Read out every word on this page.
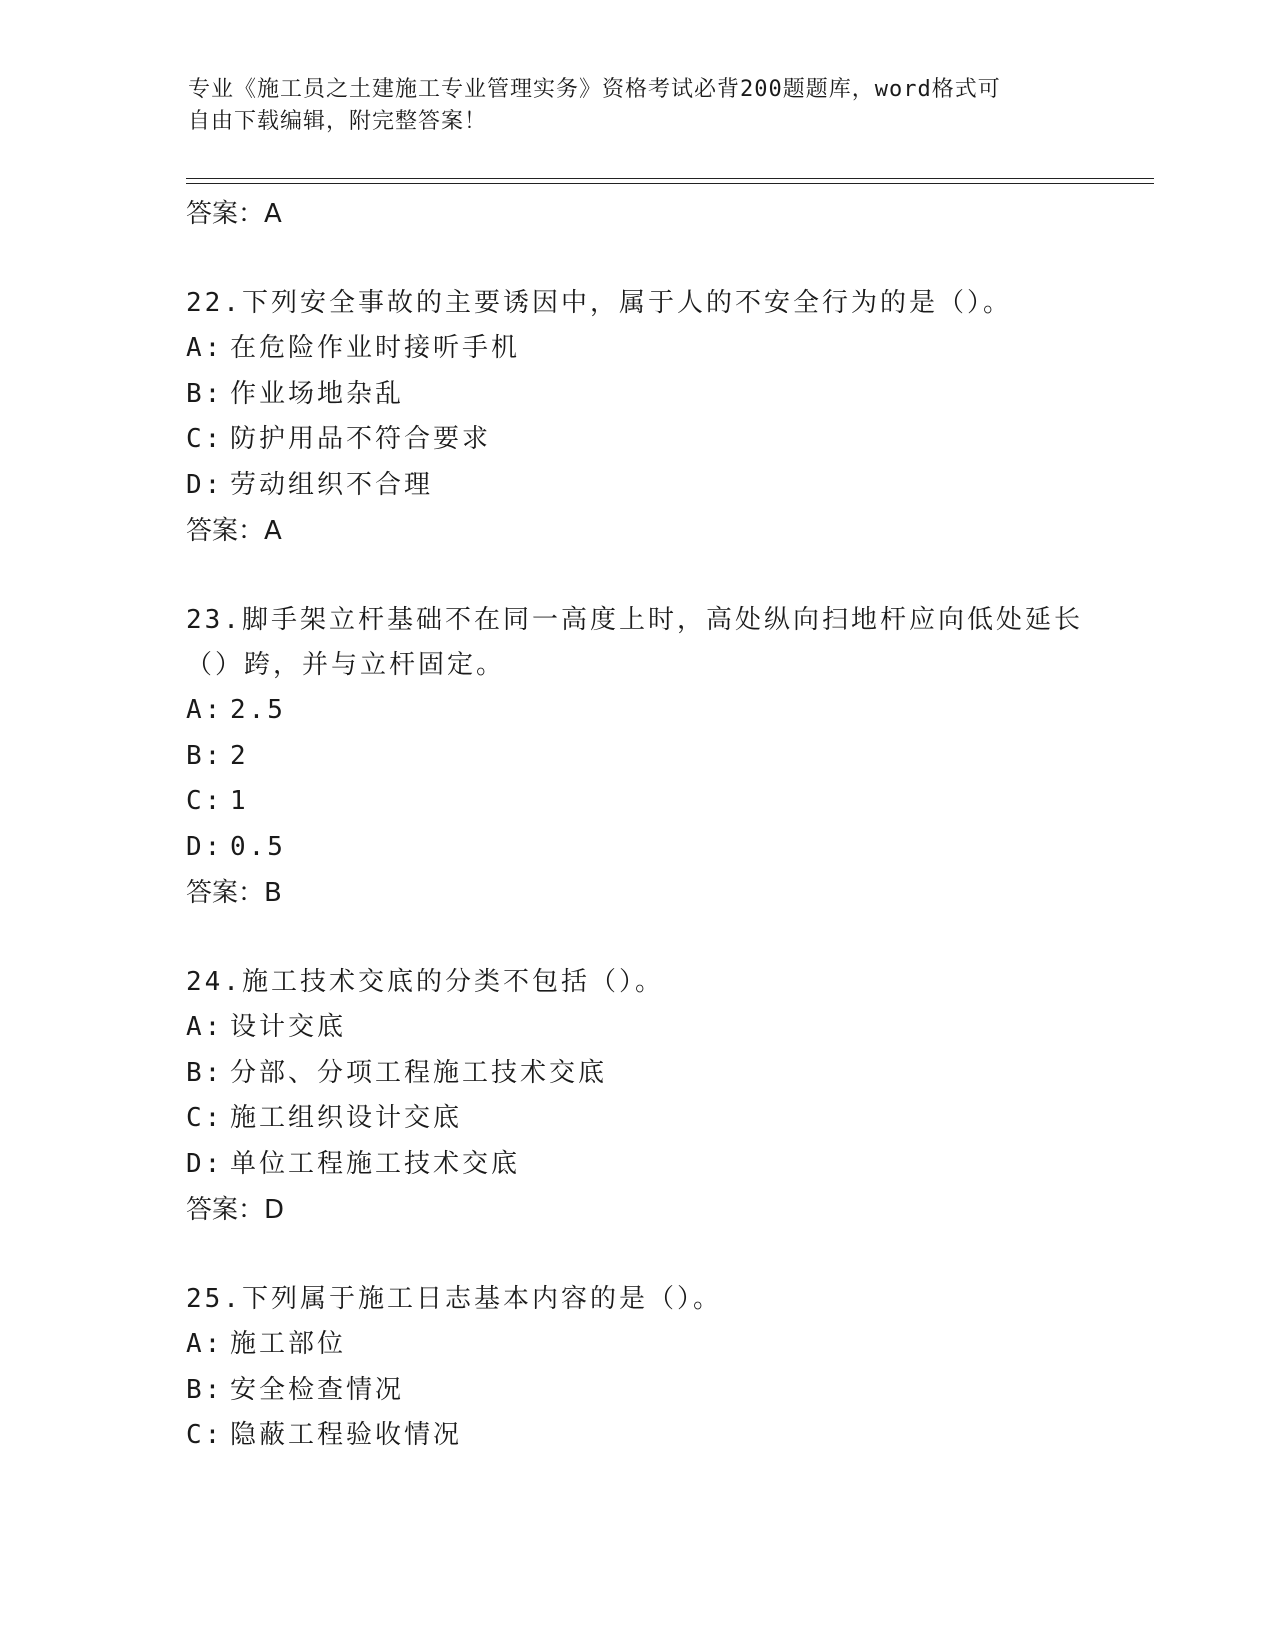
专业《施工员之土建施工专业管理实务》资格考试必背200题题库，word格式可
自由下载编辑，附完整答案！
答案：A
22.下列安全事故的主要诱因中，属于人的不安全行为的是（）。
A: 在危险作业时接听手机
B: 作业场地杂乱
C: 防护用品不符合要求
D: 劳动组织不合理
答案：A
23.脚手架立杆基础不在同一高度上时，高处纵向扫地杆应向低处延长
（）跨，并与立杆固定。
A: 2.5
B: 2
C: 1
D: 0.5
答案：B
24.施工技术交底的分类不包括（）。
A: 设计交底
B: 分部、分项工程施工技术交底
C: 施工组织设计交底
D: 单位工程施工技术交底
答案：D
25.下列属于施工日志基本内容的是（）。
A: 施工部位
B: 安全检查情况
C: 隐蔽工程验收情况
